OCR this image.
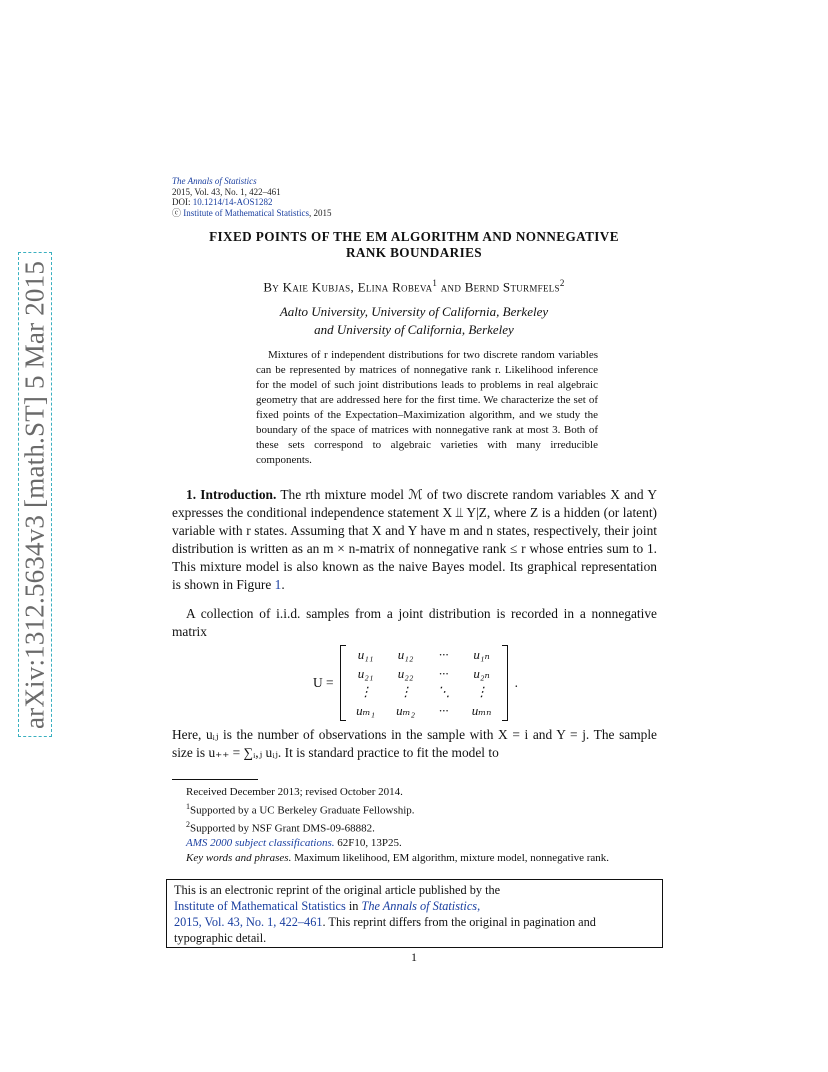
arXiv:1312.5634v3 [math.ST] 5 Mar 2015
The Annals of Statistics
2015, Vol. 43, No. 1, 422–461
DOI: 10.1214/14-AOS1282
ⓒ Institute of Mathematical Statistics, 2015
FIXED POINTS OF THE EM ALGORITHM AND NONNEGATIVE
RANK BOUNDARIES
By Kaie Kubjas, Elina Robeva$^1$ and Bernd Sturmfels$^2$
Aalto University, University of California, Berkeley
and University of California, Berkeley
Mixtures of r independent distributions for two discrete random variables can be represented by matrices of nonnegative rank r. Likelihood inference for the model of such joint distributions leads to problems in real algebraic geometry that are addressed here for the first time. We characterize the set of fixed points of the Expectation–Maximization algorithm, and we study the boundary of the space of matrices with nonnegative rank at most 3. Both of these sets correspond to algebraic varieties with many irreducible components.

1. Introduction. The rth mixture model ℳ of two discrete random variables X and Y expresses the conditional independence statement X ⫫ Y|Z, where Z is a hidden (or latent) variable with r states. Assuming that X and Y have m and n states, respectively, their joint distribution is written as an m × n-matrix of nonnegative rank ≤ r whose entries sum to 1. This mixture model is also known as the naive Bayes model. Its graphical representation is shown in Figure 1.

A collection of i.i.d. samples from a joint distribution is recorded in a nonnegative matrix

U =
u₁₁	u₁₂	···	u₁ₙ
u₂₁	u₂₂	···	u₂ₙ
⋮	⋮	⋱	⋮
uₘ₁	uₘ₂	···	uₘₙ
.

Here, uᵢⱼ is the number of observations in the sample with X = i and Y = j. The sample size is u₊₊ = ∑ᵢ,ⱼ uᵢⱼ. It is standard practice to fit the model to

Received December 2013; revised October 2014.
$^1$Supported by a UC Berkeley Graduate Fellowship.
$^2$Supported by NSF Grant DMS-09-68882.
AMS 2000 subject classifications. 62F10, 13P25.
Key words and phrases. Maximum likelihood, EM algorithm, mixture model, nonnegative rank.
This is an electronic reprint of the original article published by the
Institute of Mathematical Statistics in The Annals of Statistics,
2015, Vol. 43, No. 1, 422–461. This reprint differs from the original in pagination and typographic detail.
1
